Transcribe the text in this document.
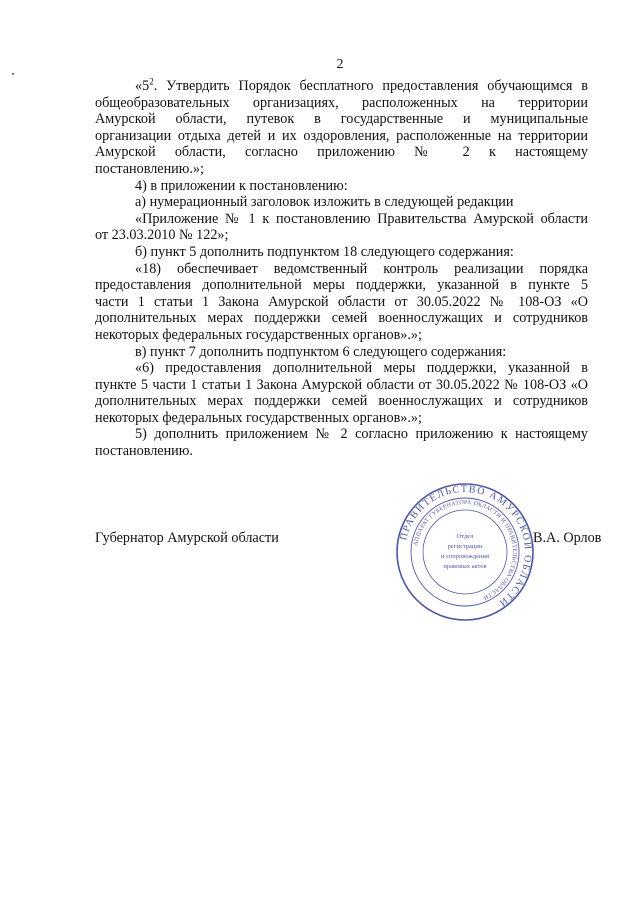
2

«$5^2$. Утвердить Порядок бесплатного предоставления обучающимся в

общеобразовательных организациях, расположенных на территории

Амурской области, путевок в государственные и муниципальные

организации отдыха детей и их оздоровления, расположенные на территории

Амурской области, согласно приложению № 2 к настоящему

постановлению.»;

4) в приложении к постановлению:

а) нумерационный заголовок изложить в следующей редакции

«Приложение № 1 к постановлению Правительства Амурской области

от 23.03.2010 № 122»;

б) пункт 5 дополнить подпунктом 18 следующего содержания:

«18) обеспечивает ведомственный контроль реализации порядка

предоставления дополнительной меры поддержки, указанной в пункте 5

части 1 статьи 1 Закона Амурской области от 30.05.2022 № 108-ОЗ «О

дополнительных мерах поддержки семей военнослужащих и сотрудников

некоторых федеральных государственных органов».»;

в) пункт 7 дополнить подпунктом 6 следующего содержания:

«6) предоставления дополнительной меры поддержки, указанной в

пункте 5 части 1 статьи 1 Закона Амурской области от 30.05.2022 № 108-ОЗ «О

дополнительных мерах поддержки семей военнослужащих и сотрудников

некоторых федеральных государственных органов».»;

5) дополнить приложением № 2 согласно приложению к настоящему

постановлению.

ПРАВИТЕЛЬСТВО АМУРСКОЙ ОБЛАСТИ
АППАРАТ ГУБЕРНАТОРА ОБЛАСТИ И ПРАВИТЕЛЬСТВА ОБЛАСТИ
Отдел
регистрации
и сопровождения
правовых актов
Губернатор Амурской области	В.А. Орлов
